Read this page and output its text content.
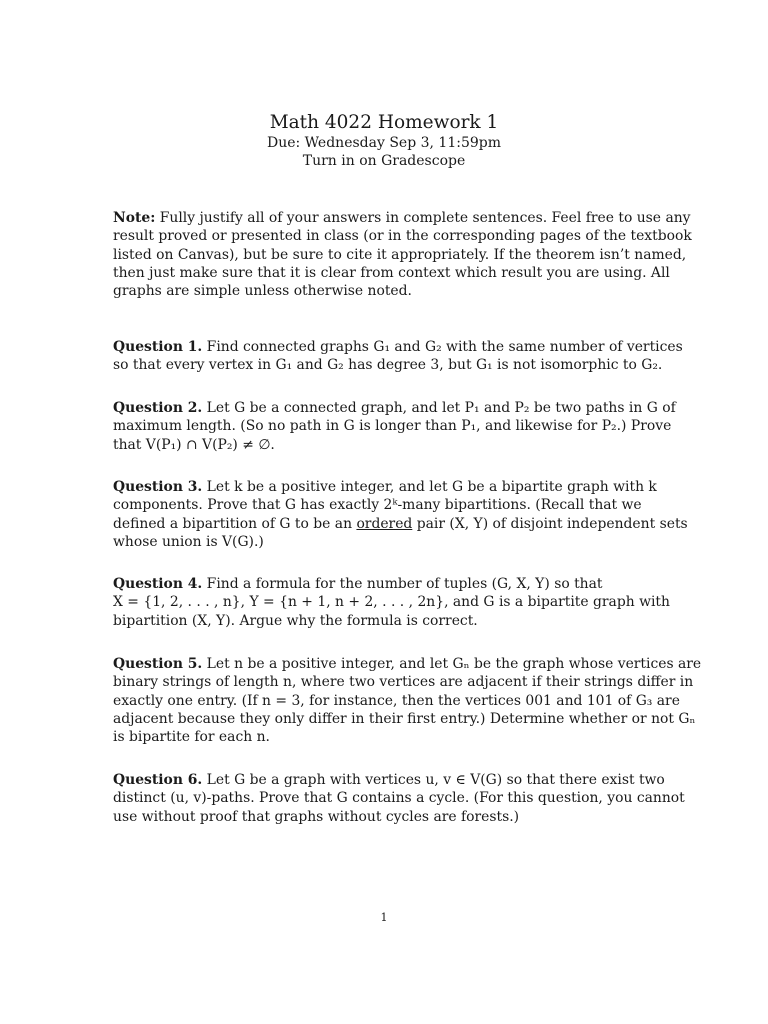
Math 4022 Homework 1
Due: Wednesday Sep 3, 11:59pm
Turn in on Gradescope
Note: Fully justify all of your answers in complete sentences. Feel free to use any
result proved or presented in class (or in the corresponding pages of the textbook
listed on Canvas), but be sure to cite it appropriately. If the theorem isn’t named,
then just make sure that it is clear from context which result you are using. All
graphs are simple unless otherwise noted.
Question 1. Find connected graphs G₁ and G₂ with the same number of vertices
so that every vertex in G₁ and G₂ has degree 3, but G₁ is not isomorphic to G₂.
Question 2. Let G be a connected graph, and let P₁ and P₂ be two paths in G of
maximum length. (So no path in G is longer than P₁, and likewise for P₂.) Prove
that V(P₁) ∩ V(P₂) ≠ ∅.
Question 3. Let k be a positive integer, and let G be a bipartite graph with k
components. Prove that G has exactly 2ᵏ-many bipartitions. (Recall that we
defined a bipartition of G to be an ordered pair (X, Y) of disjoint independent sets
whose union is V(G).)
Question 4. Find a formula for the number of tuples (G, X, Y) so that
X = {1, 2, . . . , n}, Y = {n + 1, n + 2, . . . , 2n}, and G is a bipartite graph with
bipartition (X, Y). Argue why the formula is correct.
Question 5. Let n be a positive integer, and let Gₙ be the graph whose vertices are
binary strings of length n, where two vertices are adjacent if their strings differ in
exactly one entry. (If n = 3, for instance, then the vertices 001 and 101 of G₃ are
adjacent because they only differ in their first entry.) Determine whether or not Gₙ
is bipartite for each n.
Question 6. Let G be a graph with vertices u, v ∈ V(G) so that there exist two
distinct (u, v)-paths. Prove that G contains a cycle. (For this question, you cannot
use without proof that graphs without cycles are forests.)
1
